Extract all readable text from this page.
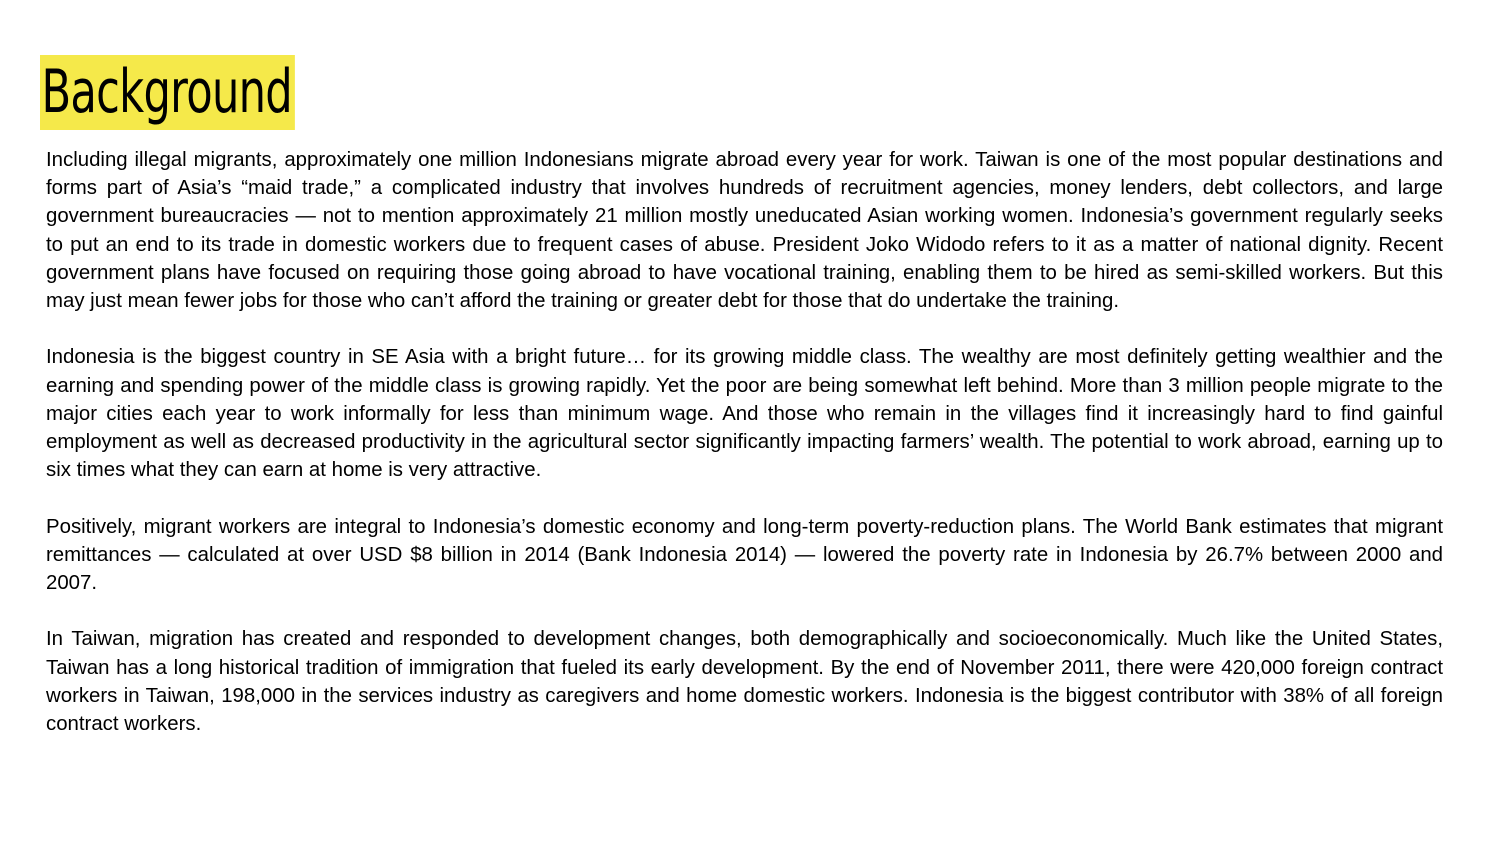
Background

Including illegal migrants, approximately one million Indonesians migrate abroad every year for work. Taiwan is one of the most popular destinations and forms part of Asia’s “maid trade,” a complicated industry that involves hundreds of recruitment agencies, money lenders, debt collectors, and large government bureaucracies — not to mention approximately 21 million mostly uneducated Asian working women. Indonesia’s government regularly seeks to put an end to its trade in domestic workers due to frequent cases of abuse. President Joko Widodo refers to it as a matter of national dignity. Recent government plans have focused on requiring those going abroad to have vocational training, enabling them to be hired as semi-skilled workers. But this may just mean fewer jobs for those who can’t afford the training or greater debt for those that do undertake the training.

Indonesia is the biggest country in SE Asia with a bright future… for its growing middle class. The wealthy are most definitely getting wealthier and the earning and spending power of the middle class is growing rapidly. Yet the poor are being somewhat left behind. More than 3 million people migrate to the major cities each year to work informally for less than minimum wage. And those who remain in the villages find it increasingly hard to find gainful employment as well as decreased productivity in the agricultural sector significantly impacting farmers’ wealth. The potential to work abroad, earning up to six times what they can earn at home is very attractive.

Positively, migrant workers are integral to Indonesia’s domestic economy and long-term poverty-reduction plans. The World Bank estimates that migrant remittances — calculated at over USD $8 billion in 2014 (Bank Indonesia 2014) — lowered the poverty rate in Indonesia by 26.7% between 2000 and 2007.

In Taiwan, migration has created and responded to development changes, both demographically and socioeconomically. Much like the United States, Taiwan has a long historical tradition of immigration that fueled its early development. By the end of November 2011, there were 420,000 foreign contract workers in Taiwan, 198,000 in the services industry as caregivers and home domestic workers. Indonesia is the biggest contributor with 38% of all foreign contract workers.
